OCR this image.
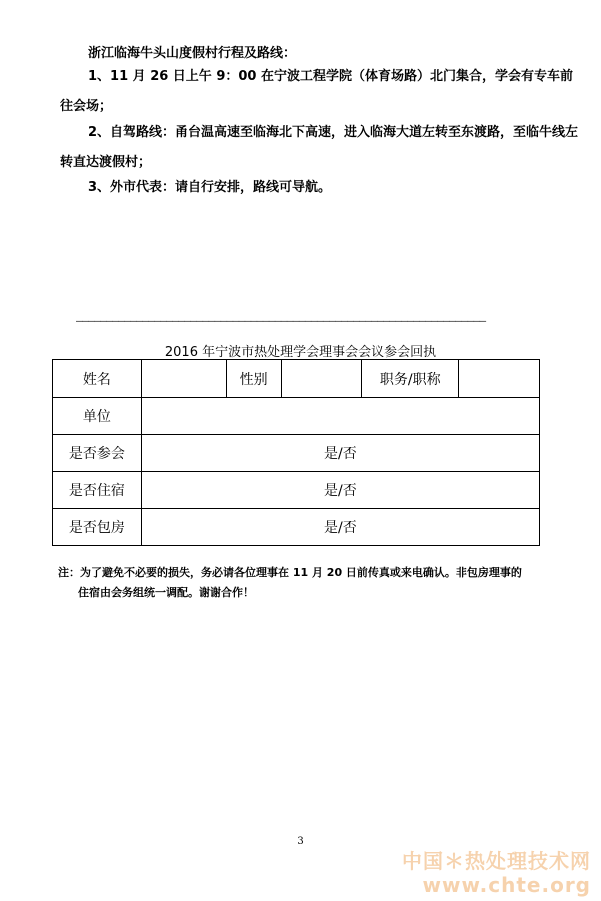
浙江临海牛头山度假村行程及路线：
1、11 月 26 日上午 9：00 在宁波工程学院（体育场路）北门集合，学会有专车前往会场；
2、自驾路线：甬台温高速至临海北下高速，进入临海大道左转至东渡路，至临牛线左转直达渡假村；
3、外市代表：请自行安排，路线可导航。
————————————————————————————————————————————————————————————————————
2016 年宁波市热处理学会理事会会议参会回执
姓名		性别		职务/职称	
单位					
是否参会	是/否				
是否住宿	是/否				
是否包房	是/否				
注：为了避免不必要的损失，务必请各位理事在 11 月 20 日前传真或来电确认。非包房理事的
住宿由会务组统一调配。谢谢合作！
3
中国＊热处理技术网
www.chte.org
